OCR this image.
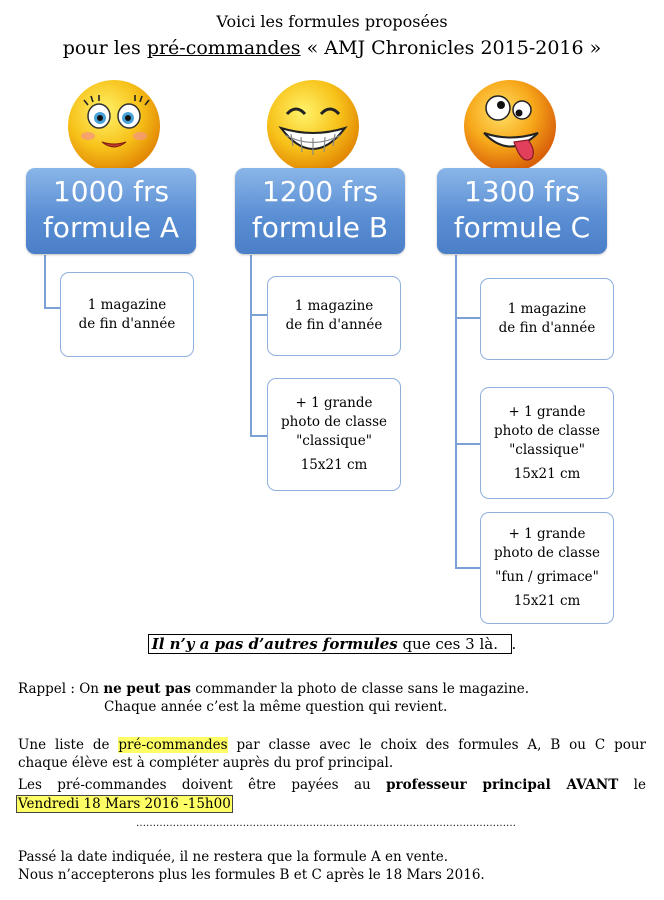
Voici les formules proposées
pour les pré-commandes « AMJ Chronicles 2015-2016 »
1000 frs
formule A
1200 frs
formule B
1300 frs
formule C
1 magazine
de fin d'année
1 magazine
de fin d'année
+ 1 grande
photo de classe
"classique"
15x21 cm
1 magazine
de fin d'année
+ 1 grande
photo de classe
"classique"
15x21 cm
+ 1 grande
photo de classe
"fun / grimace"
15x21 cm
Il n’y a pas d’autres formules que ces 3 là. .
Rappel : On ne peut pas commander la photo de classe sans le magazine.
Chaque année c’est la même question qui revient.
Une liste de pré-commandes par classe avec le choix des formules A, B ou C pour
chaque élève est à compléter auprès du prof principal.
Les pré-commandes doivent être payées au professeur principal AVANT le
Vendredi 18 Mars 2016 -15h00
……………………………………………………………………………………………………
Passé la date indiquée, il ne restera que la formule A en vente.
Nous n’accepterons plus les formules B et C après le 18 Mars 2016.
